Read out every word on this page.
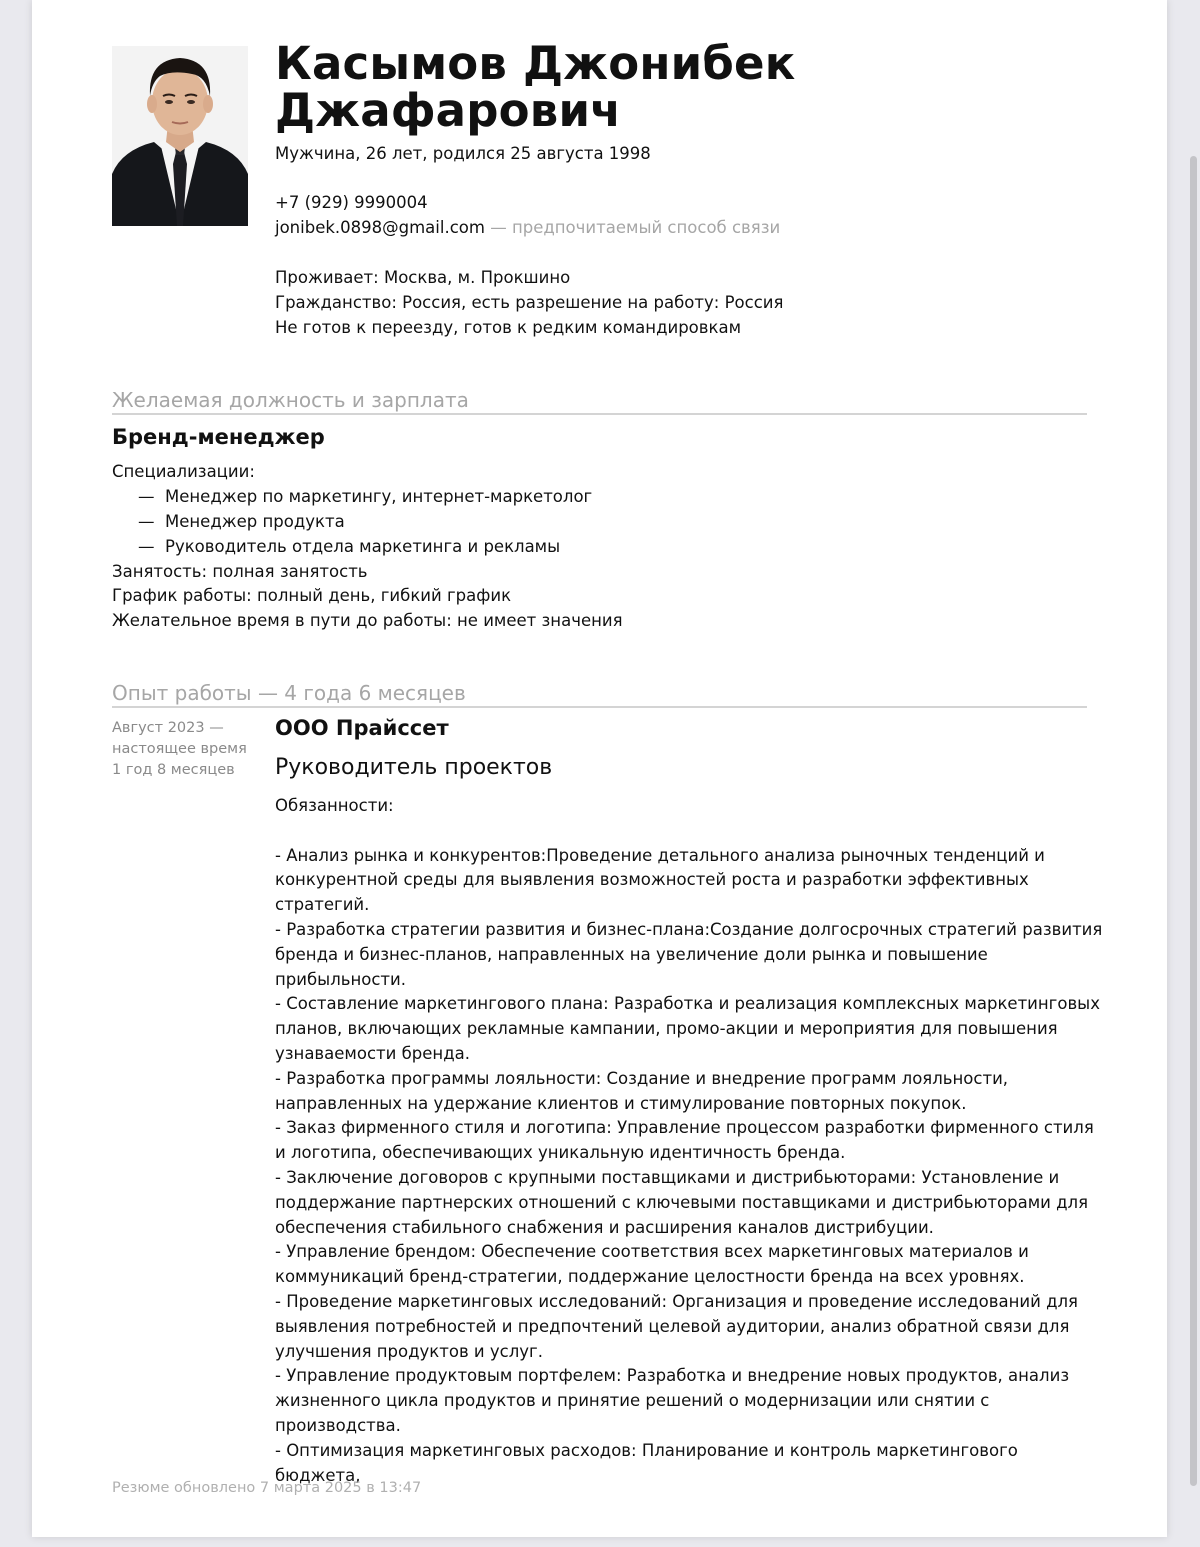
Касымов Джонибек
Джафарович
Мужчина, 26 лет, родился 25 августа 1998
+7 (929) 9990004
jonibek.0898@gmail.com — предпочитаемый способ связи
Проживает: Москва, м. Прокшино
Гражданство: Россия, есть разрешение на работу: Россия
Не готов к переезду, готов к редким командировкам
Желаемая должность и зарплата
Бренд-менеджер
Специализации:
— Менеджер по маркетингу, интернет-маркетолог
— Менеджер продукта
— Руководитель отдела маркетинга и рекламы
Занятость: полная занятость
График работы: полный день, гибкий график
Желательное время в пути до работы: не имеет значения
Опыт работы — 4 года 6 месяцев
Август 2023 —
настоящее время
1 год 8 месяцев
ООО Прайссет
Руководитель проектов

Обязанности:

- Анализ рынка и конкурентов:Проведение детального анализа рыночных тенденций и конкурентной среды для выявления возможностей роста и разработки эффективных стратегий.

- Разработка стратегии развития и бизнес-плана:Создание долгосрочных стратегий развития бренда и бизнес-планов, направленных на увеличение доли рынка и повышение прибыльности.

- Составление маркетингового плана: Разработка и реализация комплексных маркетинговых планов, включающих рекламные кампании, промо-акции и мероприятия для повышения узнаваемости бренда.

- Разработка программы лояльности: Создание и внедрение программ лояльности, направленных на удержание клиентов и стимулирование повторных покупок.

- Заказ фирменного стиля и логотипа: Управление процессом разработки фирменного стиля и логотипа, обеспечивающих уникальную идентичность бренда.

- Заключение договоров с крупными поставщиками и дистрибьюторами: Установление и поддержание партнерских отношений с ключевыми поставщиками и дистрибьюторами для обеспечения стабильного снабжения и расширения каналов дистрибуции.

- Управление брендом: Обеспечение соответствия всех маркетинговых материалов и коммуникаций бренд-стратегии, поддержание целостности бренда на всех уровнях.

- Проведение маркетинговых исследований: Организация и проведение исследований для выявления потребностей и предпочтений целевой аудитории, анализ обратной связи для улучшения продуктов и услуг.

- Управление продуктовым портфелем: Разработка и внедрение новых продуктов, анализ жизненного цикла продуктов и принятие решений о модернизации или снятии с производства.

- Оптимизация маркетинговых расходов: Планирование и контроль маркетингового бюджета,

Резюме обновлено 7 марта 2025 в 13:47
